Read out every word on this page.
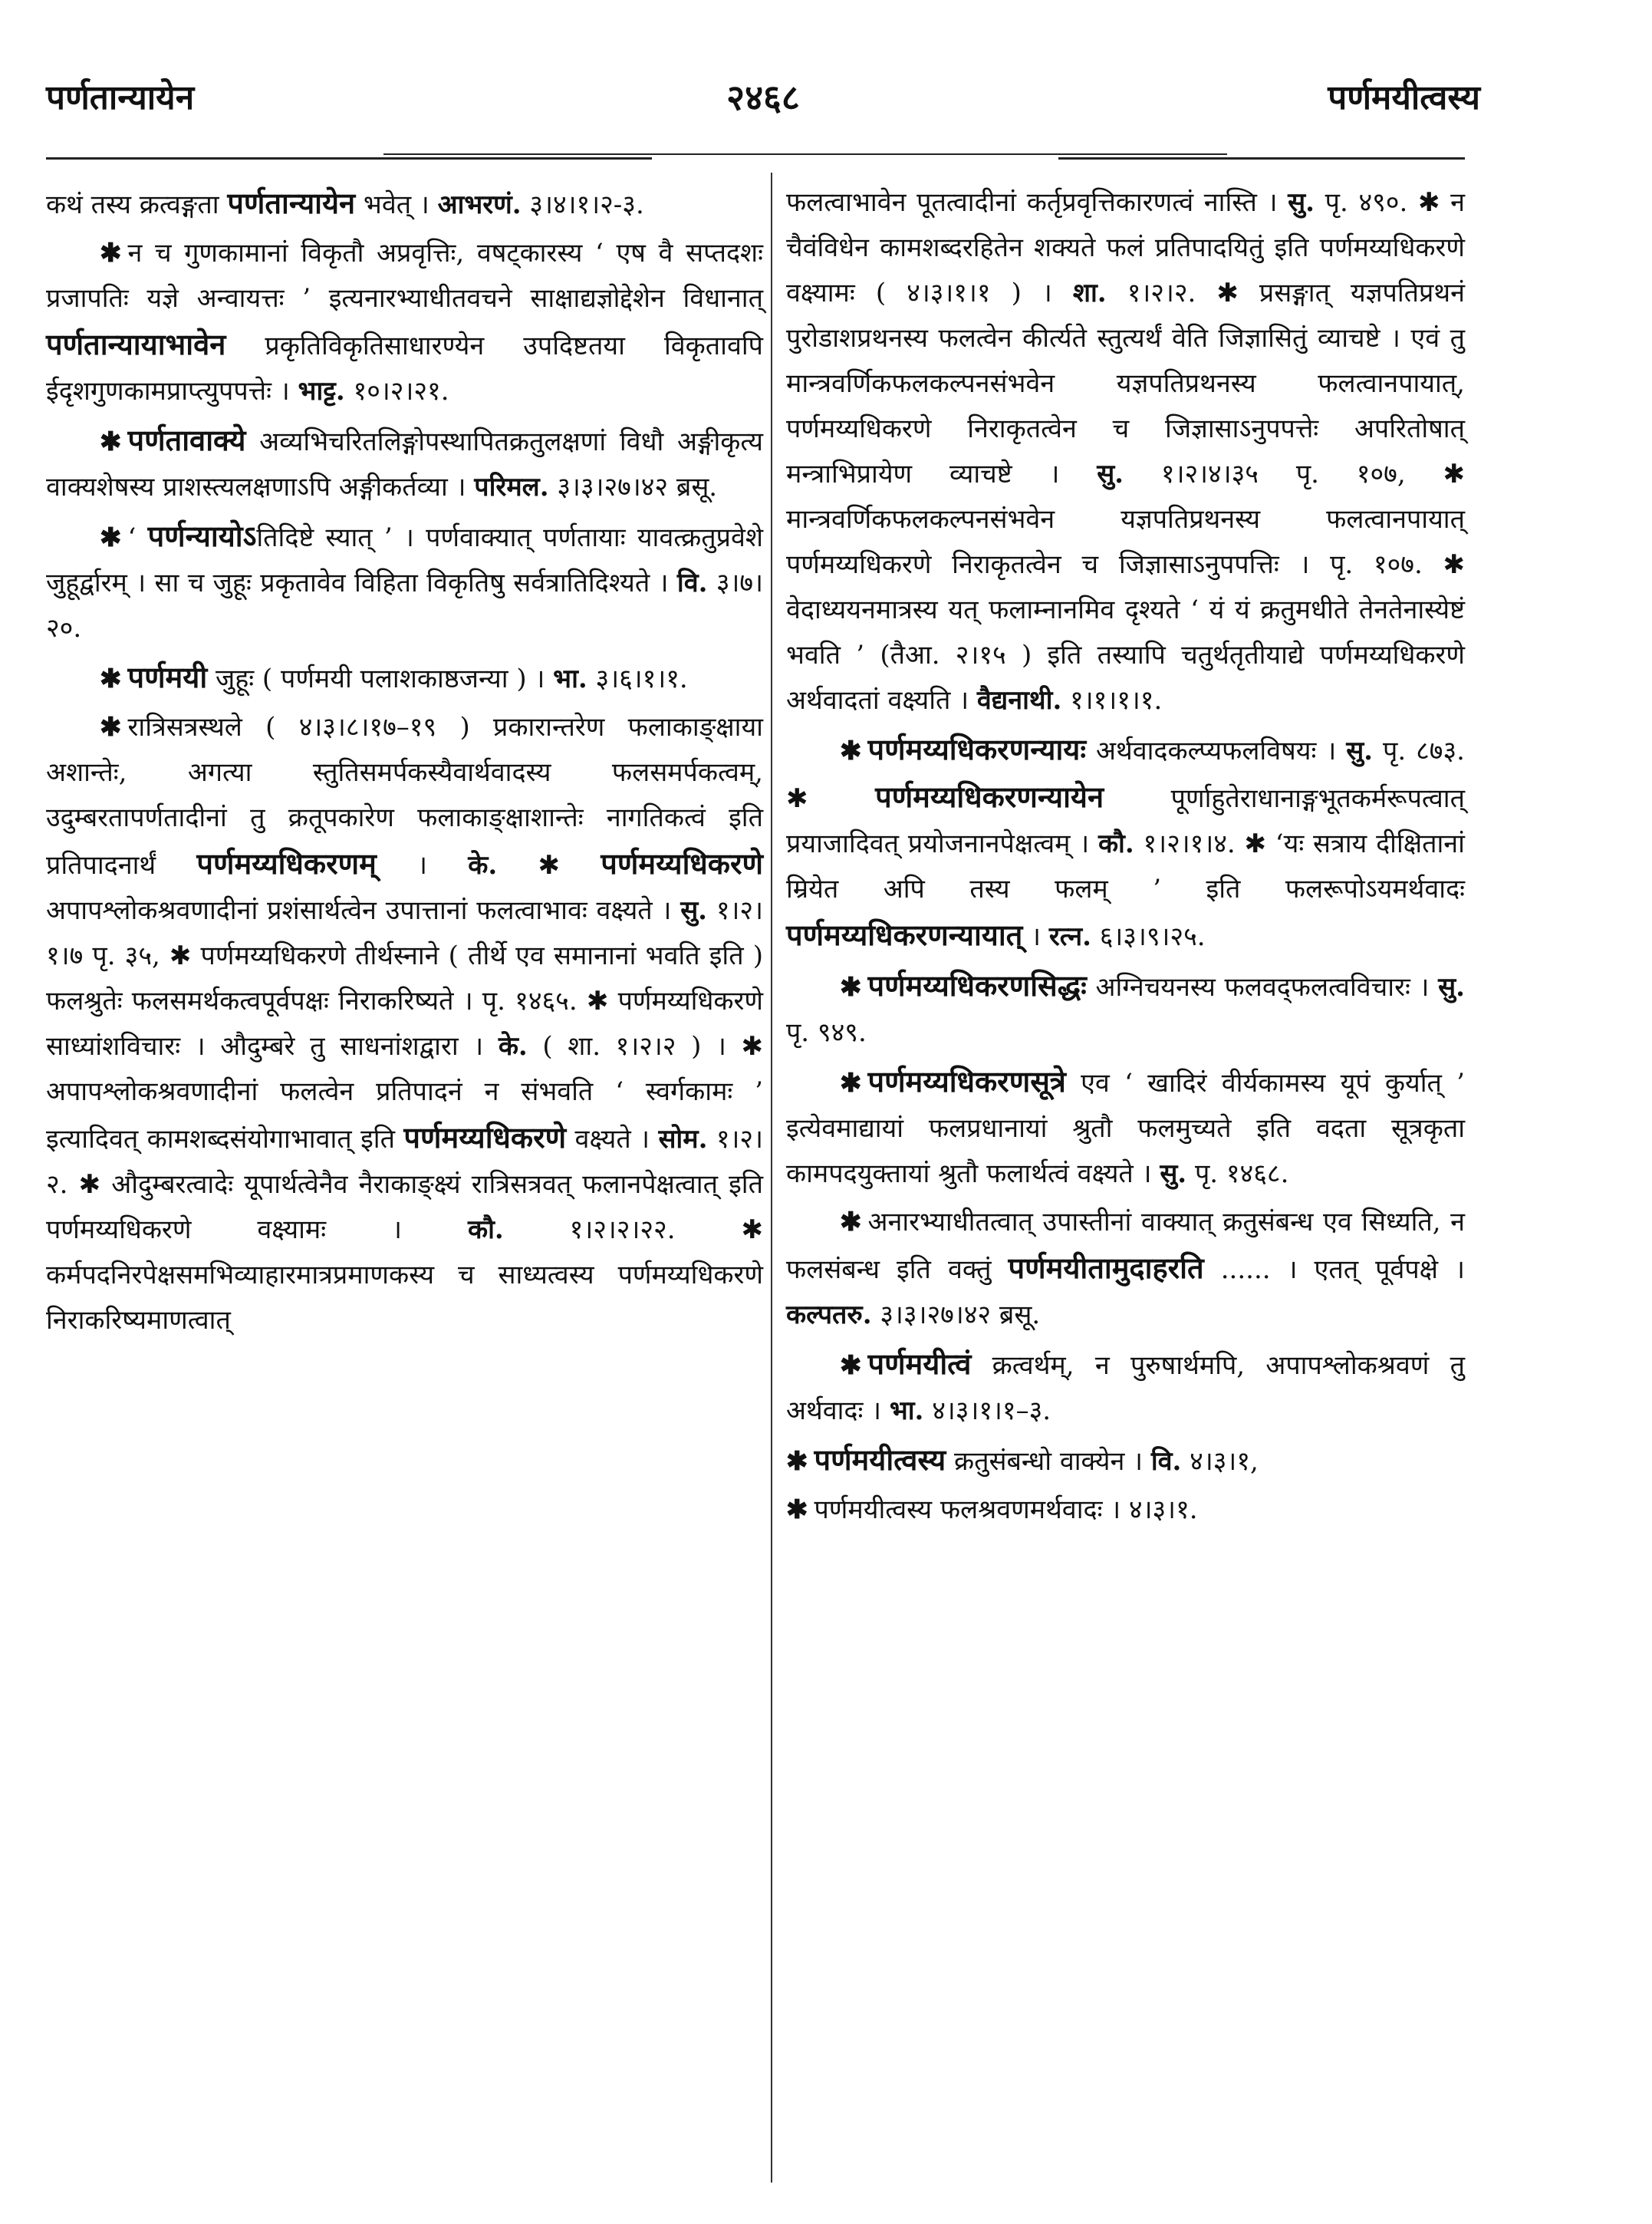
पर्णतान्यायेन	२४६८	पर्णमयीत्वस्य

कथं तस्य क्रत्वङ्गता पर्णतान्यायेन भवेत् । आभरणं. ३।४।१।२-३.

✱ न च गुणकामानां विकृतौ अप्रवृत्तिः, वषट्कारस्य ‘ एष वै सप्तदशः प्रजापतिः यज्ञे अन्वायत्तः ’ इत्यनारभ्याधीतवचने साक्षाद्यज्ञोद्देशेन विधानात् पर्णतान्यायाभावेन प्रकृतिविकृतिसाधारण्येन उपदिष्टतया विकृतावपि ईदृशगुणकामप्राप्त्युपपत्तेः । भाट्ट. १०।२।२१.

✱ पर्णतावाक्ये अव्यभिचरितलिङ्गोपस्थापितक्रतुलक्षणां विधौ अङ्गीकृत्य वाक्यशेषस्य प्राशस्त्यलक्षणाऽपि अङ्गीकर्तव्या । परिमल. ३।३।२७।४२ ब्रसू.

✱ ‘ पर्णन्यायोऽतिदिष्टे स्यात् ’ । पर्णवाक्यात् पर्णतायाः यावत्क्रतुप्रवेशे जुहूर्द्वारम् । सा च जुहूः प्रकृतावेव विहिता विकृतिषु सर्वत्रातिदिश्यते । वि. ३।७।२०.

✱ पर्णमयी जुहूः ( पर्णमयी पलाशकाष्ठजन्या ) । भा. ३।६।१।१.

✱ रात्रिसत्रस्थले ( ४।३।८।१७–१९ ) प्रकारान्तरेण फलाकाङ्क्षाया अशान्तेः, अगत्या स्तुतिसमर्पकस्यैवार्थवादस्य फलसमर्पकत्वम्, उदुम्बरतापर्णतादीनां तु क्रतूपकारेण फलाकाङ्क्षाशान्तेः नागतिकत्वं इति प्रतिपादनार्थं पर्णमय्यधिकरणम् । के. ✱ पर्णमय्यधिकरणे अपापश्लोकश्रवणादीनां प्रशंसार्थत्वेन उपात्तानां फलत्वाभावः वक्ष्यते । सु. १।२।१।७ पृ. ३५, ✱ पर्णमय्यधिकरणे तीर्थस्नाने ( तीर्थे एव समानानां भवति इति ) फलश्रुतेः फलसमर्थकत्वपूर्वपक्षः निराकरिष्यते । पृ. १४६५. ✱ पर्णमय्यधिकरणे साध्यांशविचारः । औदुम्बरे तु साधनांशद्वारा । के. ( शा. १।२।२ ) । ✱ अपापश्लोकश्रवणादीनां फलत्वेन प्रतिपादनं न संभवति ‘ स्वर्गकामः ’ इत्यादिवत् कामशब्दसंयोगाभावात् इति पर्णमय्यधिकरणे वक्ष्यते । सोम. १।२।२. ✱ औदुम्बरत्वादेः यूपार्थत्वेनैव नैराकाङ्क्ष्यं रात्रिसत्रवत् फलानपेक्षत्वात् इति पर्णमय्यधिकरणे वक्ष्यामः । कौ. १।२।२।२२. ✱ कर्मपदनिरपेक्षसमभिव्याहारमात्रप्रमाणकस्य च साध्यत्वस्य पर्णमय्यधिकरणे निराकरिष्यमाणत्वात्

फलत्वाभावेन पूतत्वादीनां कर्तृप्रवृत्तिकारणत्वं नास्ति । सु. पृ. ४९०. ✱ न चैवंविधेन कामशब्दरहितेन शक्यते फलं प्रतिपादयितुं इति पर्णमय्यधिकरणे वक्ष्यामः ( ४।३।१।१ ) । शा. १।२।२. ✱ प्रसङ्गात् यज्ञपतिप्रथनं पुरोडाशप्रथनस्य फलत्वेन कीर्त्यते स्तुत्यर्थं वेति जिज्ञासितुं व्याचष्टे । एवं तु मान्त्रवर्णिकफलकल्पनसंभवेन यज्ञपतिप्रथनस्य फलत्वानपायात्, पर्णमय्यधिकरणे निराकृतत्वेन च जिज्ञासाऽनुपपत्तेः अपरितोषात् मन्त्राभिप्रायेण व्याचष्टे । सु. १।२।४।३५ पृ. १०७, ✱ मान्त्रवर्णिकफलकल्पनसंभवेन यज्ञपतिप्रथनस्य फलत्वानपायात् पर्णमय्यधिकरणे निराकृतत्वेन च जिज्ञासाऽनुपपत्तिः । पृ. १०७. ✱ वेदाध्ययनमात्रस्य यत् फलाम्नानमिव दृश्यते ‘ यं यं क्रतुमधीते तेनतेनास्येष्टं भवति ’ (तैआ. २।१५ ) इति तस्यापि चतुर्थतृतीयाद्ये पर्णमय्यधिकरणे अर्थवादतां वक्ष्यति । वैद्यनाथी. १।१।१।१.

✱ पर्णमय्यधिकरणन्यायः अर्थवादकल्प्यफलविषयः । सु. पृ. ८७३. ✱ पर्णमय्यधिकरणन्यायेन पूर्णाहुतेराधानाङ्गभूतकर्मरूपत्वात् प्रयाजादिवत् प्रयोजनानपेक्षत्वम् । कौ. १।२।१।४. ✱ ‘यः सत्राय दीक्षितानां म्रियेत अपि तस्य फलम् ’ इति फलरूपोऽयमर्थवादः पर्णमय्यधिकरणन्यायात् । रत्न. ६।३।९।२५.

✱ पर्णमय्यधिकरणसिद्धः अग्निचयनस्य फलवद्फलत्वविचारः । सु. पृ. ९४९.

✱ पर्णमय्यधिकरणसूत्रे एव ‘ खादिरं वीर्यकामस्य यूपं कुर्यात् ’ इत्येवमाद्यायां फलप्रधानायां श्रुतौ फलमुच्यते इति वदता सूत्रकृता कामपदयुक्तायां श्रुतौ फलार्थत्वं वक्ष्यते । सु. पृ. १४६८.

✱ अनारभ्याधीतत्वात् उपास्तीनां वाक्यात् क्रतुसंबन्ध एव सिध्यति, न फलसंबन्ध इति वक्तुं पर्णमयीतामुदाहरति ...... । एतत् पूर्वपक्षे । कल्पतरु. ३।३।२७।४२ ब्रसू.

✱ पर्णमयीत्वं क्रत्वर्थम्, न पुरुषार्थमपि, अपापश्लोकश्रवणं तु अर्थवादः । भा. ४।३।१।१–३.

✱ पर्णमयीत्वस्य क्रतुसंबन्धो वाक्येन । वि. ४।३।१,

✱ पर्णमयीत्वस्य फलश्रवणमर्थवादः । ४।३।१.
